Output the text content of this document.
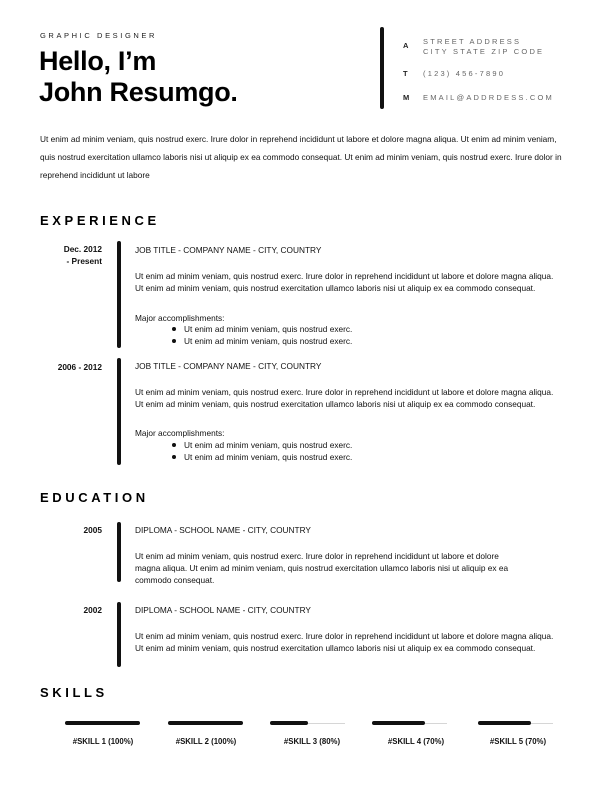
GRAPHIC DESIGNER
Hello, I’m
John Resumgo.
A STREET ADDRESS
CITY STATE ZIP CODE
T (123) 456-7890
M EMAIL@ADDRDESS.COM
Ut enim ad minim veniam, quis nostrud exerc. Irure dolor in reprehend incididunt ut labore et dolore magna aliqua. Ut enim ad minim veniam, quis nostrud exercitation ullamco laboris nisi ut aliquip ex ea commodo consequat. Ut enim ad minim veniam, quis nostrud exerc. Irure dolor in reprehend incididunt ut labore
EXPERIENCE
Dec. 2012
- Present
JOB TITLE - COMPANY NAME - CITY, COUNTRY
Ut enim ad minim veniam, quis nostrud exerc. Irure dolor in reprehend incididunt ut labore et dolore magna aliqua. Ut enim ad minim veniam, quis nostrud exercitation ullamco laboris nisi ut aliquip ex ea commodo consequat.
Major accomplishments:
Ut enim ad minim veniam, quis nostrud exerc.
Ut enim ad minim veniam, quis nostrud exerc.
2006 - 2012	JOB TITLE - COMPANY NAME - CITY, COUNTRY
Ut enim ad minim veniam, quis nostrud exerc. Irure dolor in reprehend incididunt ut labore et dolore magna aliqua. Ut enim ad minim veniam, quis nostrud exercitation ullamco laboris nisi ut aliquip ex ea commodo consequat.
Major accomplishments:
Ut enim ad minim veniam, quis nostrud exerc.
Ut enim ad minim veniam, quis nostrud exerc.
EDUCATION
2005	DIPLOMA - SCHOOL NAME - CITY, COUNTRY
Ut enim ad minim veniam, quis nostrud exerc. Irure dolor in reprehend incididunt ut labore et dolore magna aliqua. Ut enim ad minim veniam, quis nostrud exercitation ullamco laboris nisi ut aliquip ex ea commodo consequat.
2002	DIPLOMA - SCHOOL NAME - CITY, COUNTRY
Ut enim ad minim veniam, quis nostrud exerc. Irure dolor in reprehend incididunt ut labore et dolore magna aliqua. Ut enim ad minim veniam, quis nostrud exercitation ullamco laboris nisi ut aliquip ex ea commodo consequat.
SKILLS
#SKILL 1 (100%)	#SKILL 2 (100%)	#SKILL 3 (80%)	#SKILL 4 (70%)	#SKILL 5 (70%)
